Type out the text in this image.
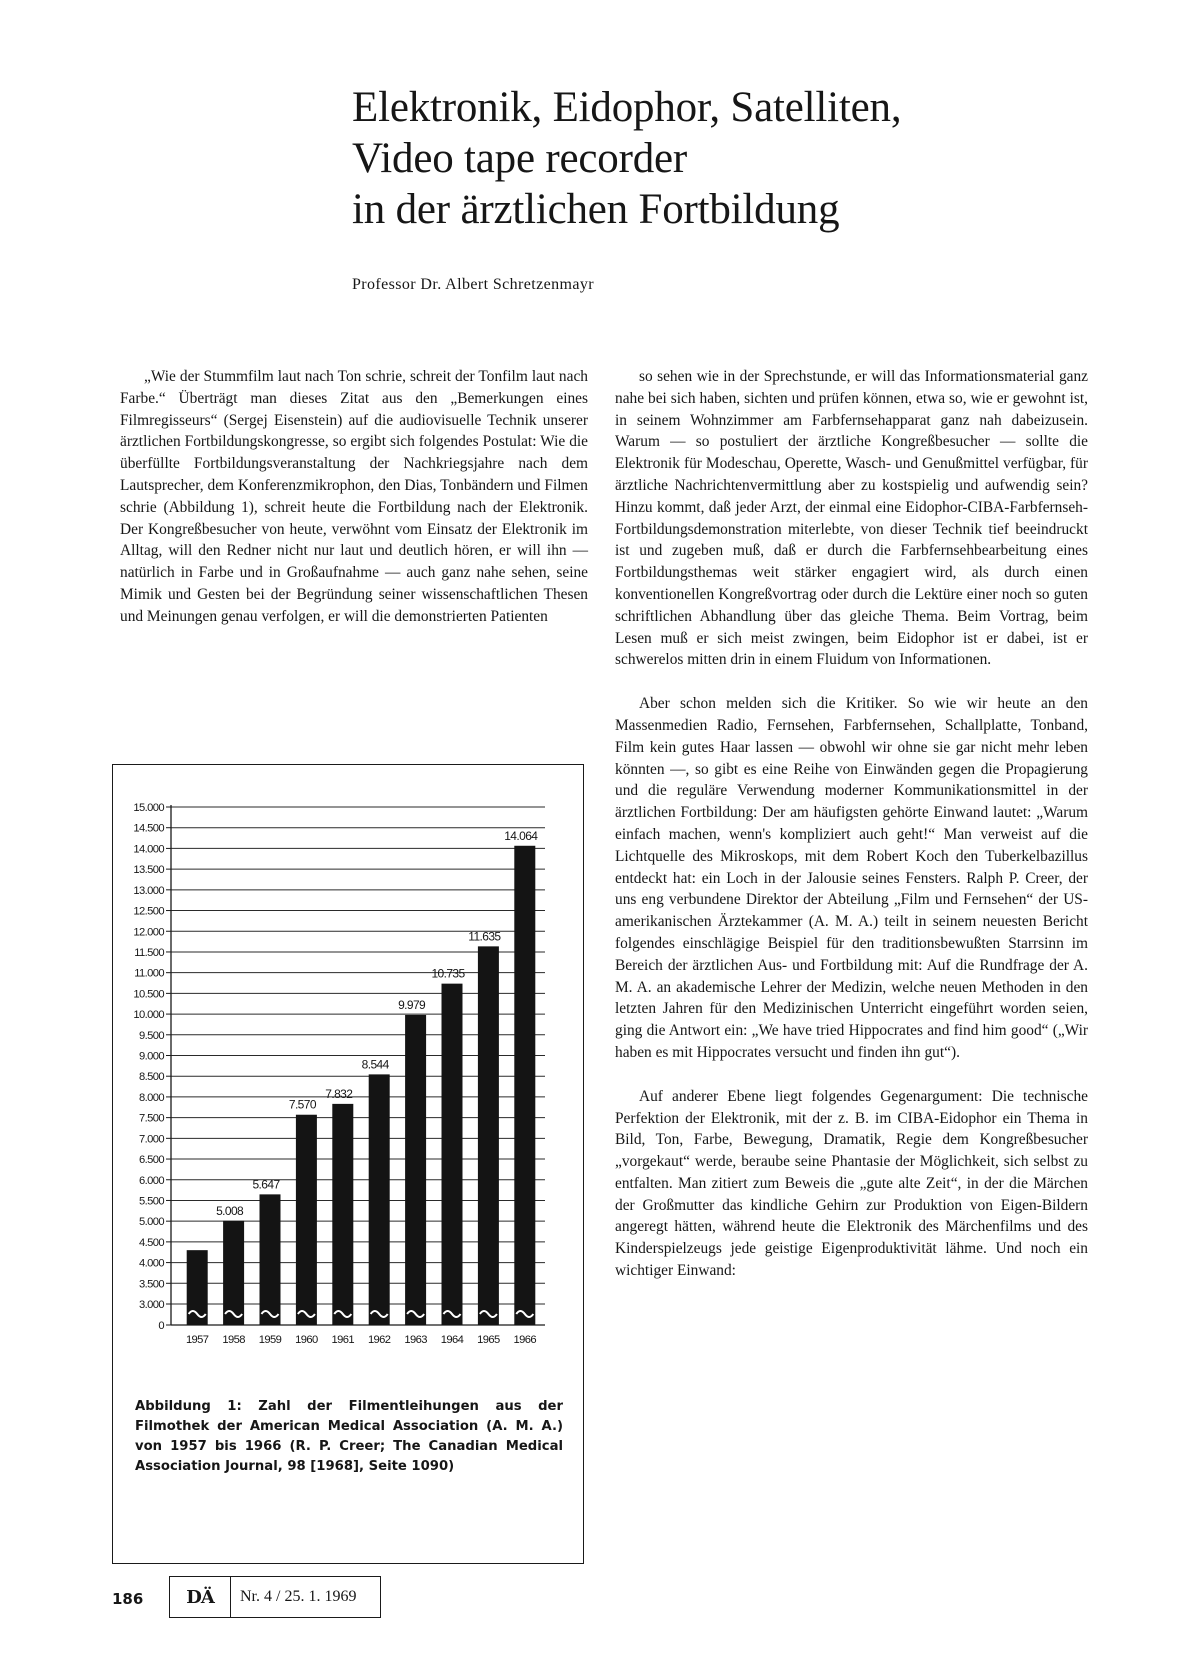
Elektronik, Eidophor, Satelliten,
Video tape recorder
in der ärztlichen Fortbildung
Professor Dr. Albert Schretzenmayr

„Wie der Stummfilm laut nach Ton schrie, schreit der Tonfilm laut nach Farbe.“ Überträgt man dieses Zitat aus den „Bemerkungen eines Filmregisseurs“ (Sergej Eisenstein) auf die audiovisuelle Technik unserer ärztlichen Fortbildungskongresse, so ergibt sich folgendes Postulat: Wie die überfüllte Fortbildungsveranstaltung der Nachkriegsjahre nach dem Lautsprecher, dem Konferenzmikrophon, den Dias, Tonbändern und Filmen schrie (Abbildung 1), schreit heute die Fortbildung nach der Elektronik. Der Kongreßbesucher von heute, verwöhnt vom Einsatz der Elektronik im Alltag, will den Redner nicht nur laut und deutlich hören, er will ihn — natürlich in Farbe und in Großaufnahme — auch ganz nahe sehen, seine Mimik und Gesten bei der Begründung seiner wissenschaftlichen Thesen und Meinungen genau verfolgen, er will die demonstrierten Patienten

so sehen wie in der Sprechstunde, er will das Informationsmaterial ganz nahe bei sich haben, sichten und prüfen können, etwa so, wie er gewohnt ist, in seinem Wohnzimmer am Farbfernsehapparat ganz nah dabeizusein. Warum — so postuliert der ärztliche Kongreßbesucher — sollte die Elektronik für Modeschau, Operette, Wasch- und Genußmittel verfügbar, für ärztliche Nachrichtenvermittlung aber zu kostspielig und aufwendig sein? Hinzu kommt, daß jeder Arzt, der einmal eine Eidophor-CIBA-Farbfernseh-Fortbildungsdemonstration miterlebte, von dieser Technik tief beeindruckt ist und zugeben muß, daß er durch die Farbfernsehbearbeitung eines Fortbildungsthemas weit stärker engagiert wird, als durch einen konventionellen Kongreßvortrag oder durch die Lektüre einer noch so guten schriftlichen Abhandlung über das gleiche Thema. Beim Vortrag, beim Lesen muß er sich meist zwingen, beim Eidophor ist er dabei, ist er schwerelos mitten drin in einem Fluidum von Informationen.

Aber schon melden sich die Kritiker. So wie wir heute an den Massenmedien Radio, Fernsehen, Farbfernsehen, Schallplatte, Tonband, Film kein gutes Haar lassen — obwohl wir ohne sie gar nicht mehr leben könnten —, so gibt es eine Reihe von Einwänden gegen die Propagierung und die reguläre Verwendung moderner Kommunikationsmittel in der ärztlichen Fortbildung: Der am häufigsten gehörte Einwand lautet: „Warum einfach machen, wenn's kompliziert auch geht!“ Man verweist auf die Lichtquelle des Mikroskops, mit dem Robert Koch den Tuberkelbazillus entdeckt hat: ein Loch in der Jalousie seines Fensters. Ralph P. Creer, der uns eng verbundene Direktor der Abteilung „Film und Fernsehen“ der US-amerikanischen Ärztekammer (A. M. A.) teilt in seinem neuesten Bericht folgendes einschlägige Beispiel für den traditionsbewußten Starrsinn im Bereich der ärztlichen Aus- und Fortbildung mit: Auf die Rundfrage der A. M. A. an akademische Lehrer der Medizin, welche neuen Methoden in den letzten Jahren für den Medizinischen Unterricht eingeführt worden seien, ging die Antwort ein: „We have tried Hippocrates and find him good“ („Wir haben es mit Hippocrates versucht und finden ihn gut“).

Auf anderer Ebene liegt folgendes Gegenargument: Die technische Perfektion der Elektronik, mit der z. B. im CIBA-Eidophor ein Thema in Bild, Ton, Farbe, Bewegung, Dramatik, Regie dem Kongreßbesucher „vorgekaut“ werde, beraube seine Phantasie der Möglichkeit, sich selbst zu entfalten. Man zitiert zum Beweis die „gute alte Zeit“, in der die Märchen der Großmutter das kindliche Gehirn zur Produktion von Eigen-Bildern angeregt hätten, während heute die Elektronik des Märchenfilms und des Kinderspielzeugs jede geistige Eigenproduktivität lähme. Und noch ein wichtiger Einwand:

0
3.000
3.500
4.000
4.500
5.000
5.500
6.000
6.500
7.000
7.500
8.000
8.500
9.000
9.500
10.000
10.500
11.000
11.500
12.000
12.500
13.000
13.500
14.000
14.500
15.000
1957 1958
5.008
1959
5.647
1960
7.570
1961
7.832
1962
8.544
1963
9.979
1964
10.735
1965
11.635
1966
14.064
Abbildung 1: Zahl der Filmentleihungen aus der Filmothek der American Medical Association (A. M. A.) von 1957 bis 1966 (R. P. Creer; The Canadian Medical Association Journal, 98 [1968], Seite 1090)
186	DÄ	Nr. 4 / 25. 1. 1969
